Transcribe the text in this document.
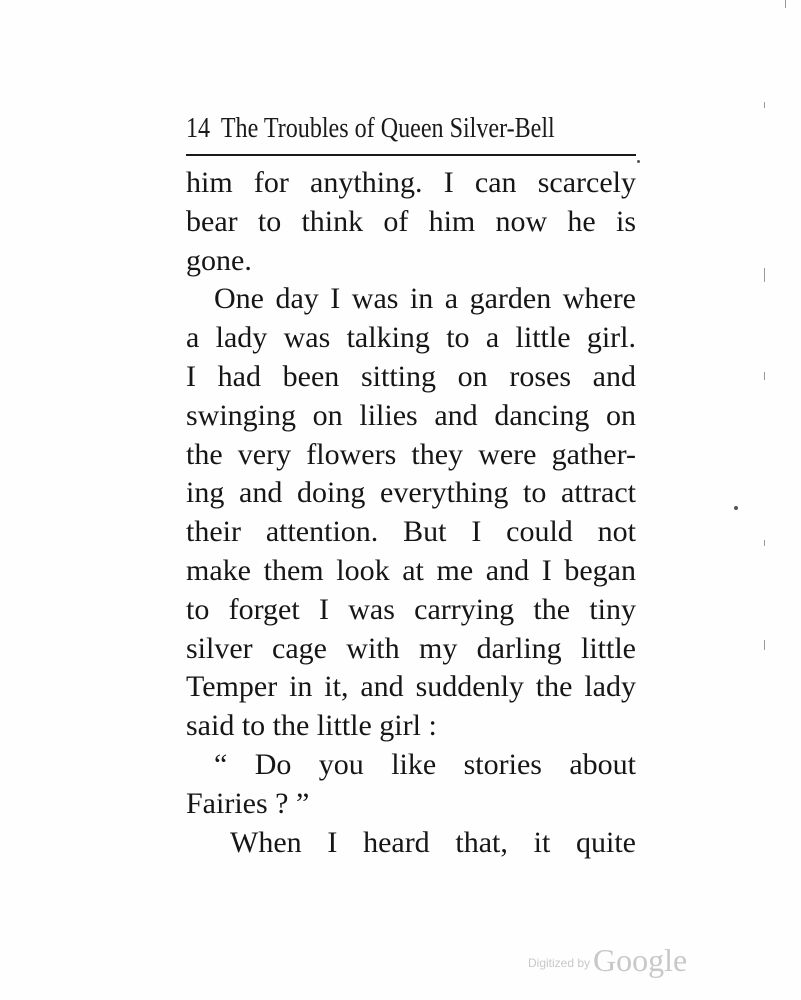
14 The Troubles of Queen Silver-Bell
him for anything. I can scarcely
bear to think of him now he is
gone.
One day I was in a garden where
a lady was talking to a little girl.
I had been sitting on roses and
swinging on lilies and dancing on
the very flowers they were gather-
ing and doing everything to attract
their attention. But I could not
make them look at me and I began
to forget I was carrying the tiny
silver cage with my darling little
Temper in it, and suddenly the lady
said to the little girl :
“ Do you like stories about
Fairies ? ”
When I heard that, it quite
Digitized by Google
